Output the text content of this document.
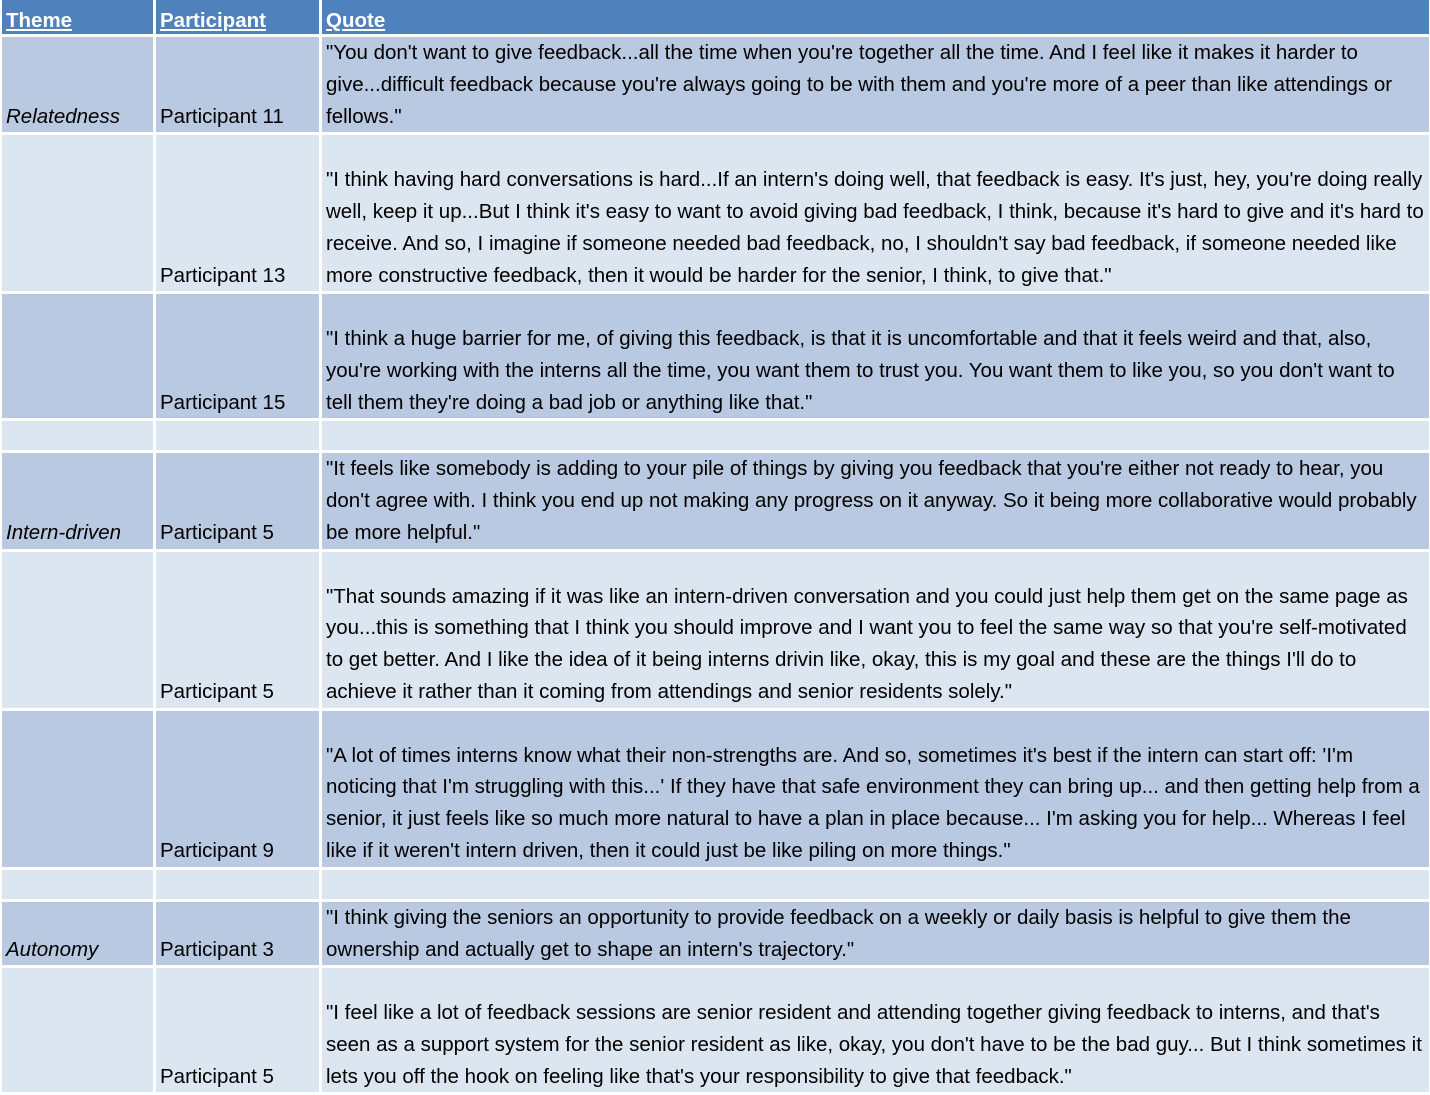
Theme	Participant	Quote
Relatedness	Participant 11	"You don't want to give feedback...all the time when you're together all the time. And I feel like it makes it harder to give...difficult feedback because you're always going to be with them and you're more of a peer than like attendings or fellows."
	Participant 13	"I think having hard conversations is hard...If an intern's doing well, that feedback is easy. It's just, hey, you're doing really well, keep it up...But I think it's easy to want to avoid giving bad feedback, I think, because it's hard to give and it's hard to receive. And so, I imagine if someone needed bad feedback, no, I shouldn't say bad feedback, if someone needed like more constructive feedback, then it would be harder for the senior, I think, to give that."
	Participant 15	"I think a huge barrier for me, of giving this feedback, is that it is uncomfortable and that it feels weird and that, also, you're working with the interns all the time, you want them to trust you. You want them to like you, so you don't want to tell them they're doing a bad job or anything like that."

Intern-driven	Participant 5	"It feels like somebody is adding to your pile of things by giving you feedback that you're either not ready to hear, you don't agree with. I think you end up not making any progress on it anyway. So it being more collaborative would probably be more helpful."
	Participant 5	"That sounds amazing if it was like an intern-driven conversation and you could just help them get on the same page as you...this is something that I think you should improve and I want you to feel the same way so that you're self-motivated to get better. And I like the idea of it being interns drivin like, okay, this is my goal and these are the things I'll do to achieve it rather than it coming from attendings and senior residents solely."
	Participant 9	"A lot of times interns know what their non-strengths are. And so, sometimes it's best if the intern can start off: 'I'm noticing that I'm struggling with this...' If they have that safe environment they can bring up... and then getting help from a senior, it just feels like so much more natural to have a plan in place because... I'm asking you for help... Whereas I feel like if it weren't intern driven, then it could just be like piling on more things."

Autonomy	Participant 3	"I think giving the seniors an opportunity to provide feedback on a weekly or daily basis is helpful to give them the ownership and actually get to shape an intern's trajectory."
	Participant 5	"I feel like a lot of feedback sessions are senior resident and attending together giving feedback to interns, and that's seen as a support system for the senior resident as like, okay, you don't have to be the bad guy... But I think sometimes it lets you off the hook on feeling like that's your responsibility to give that feedback."
